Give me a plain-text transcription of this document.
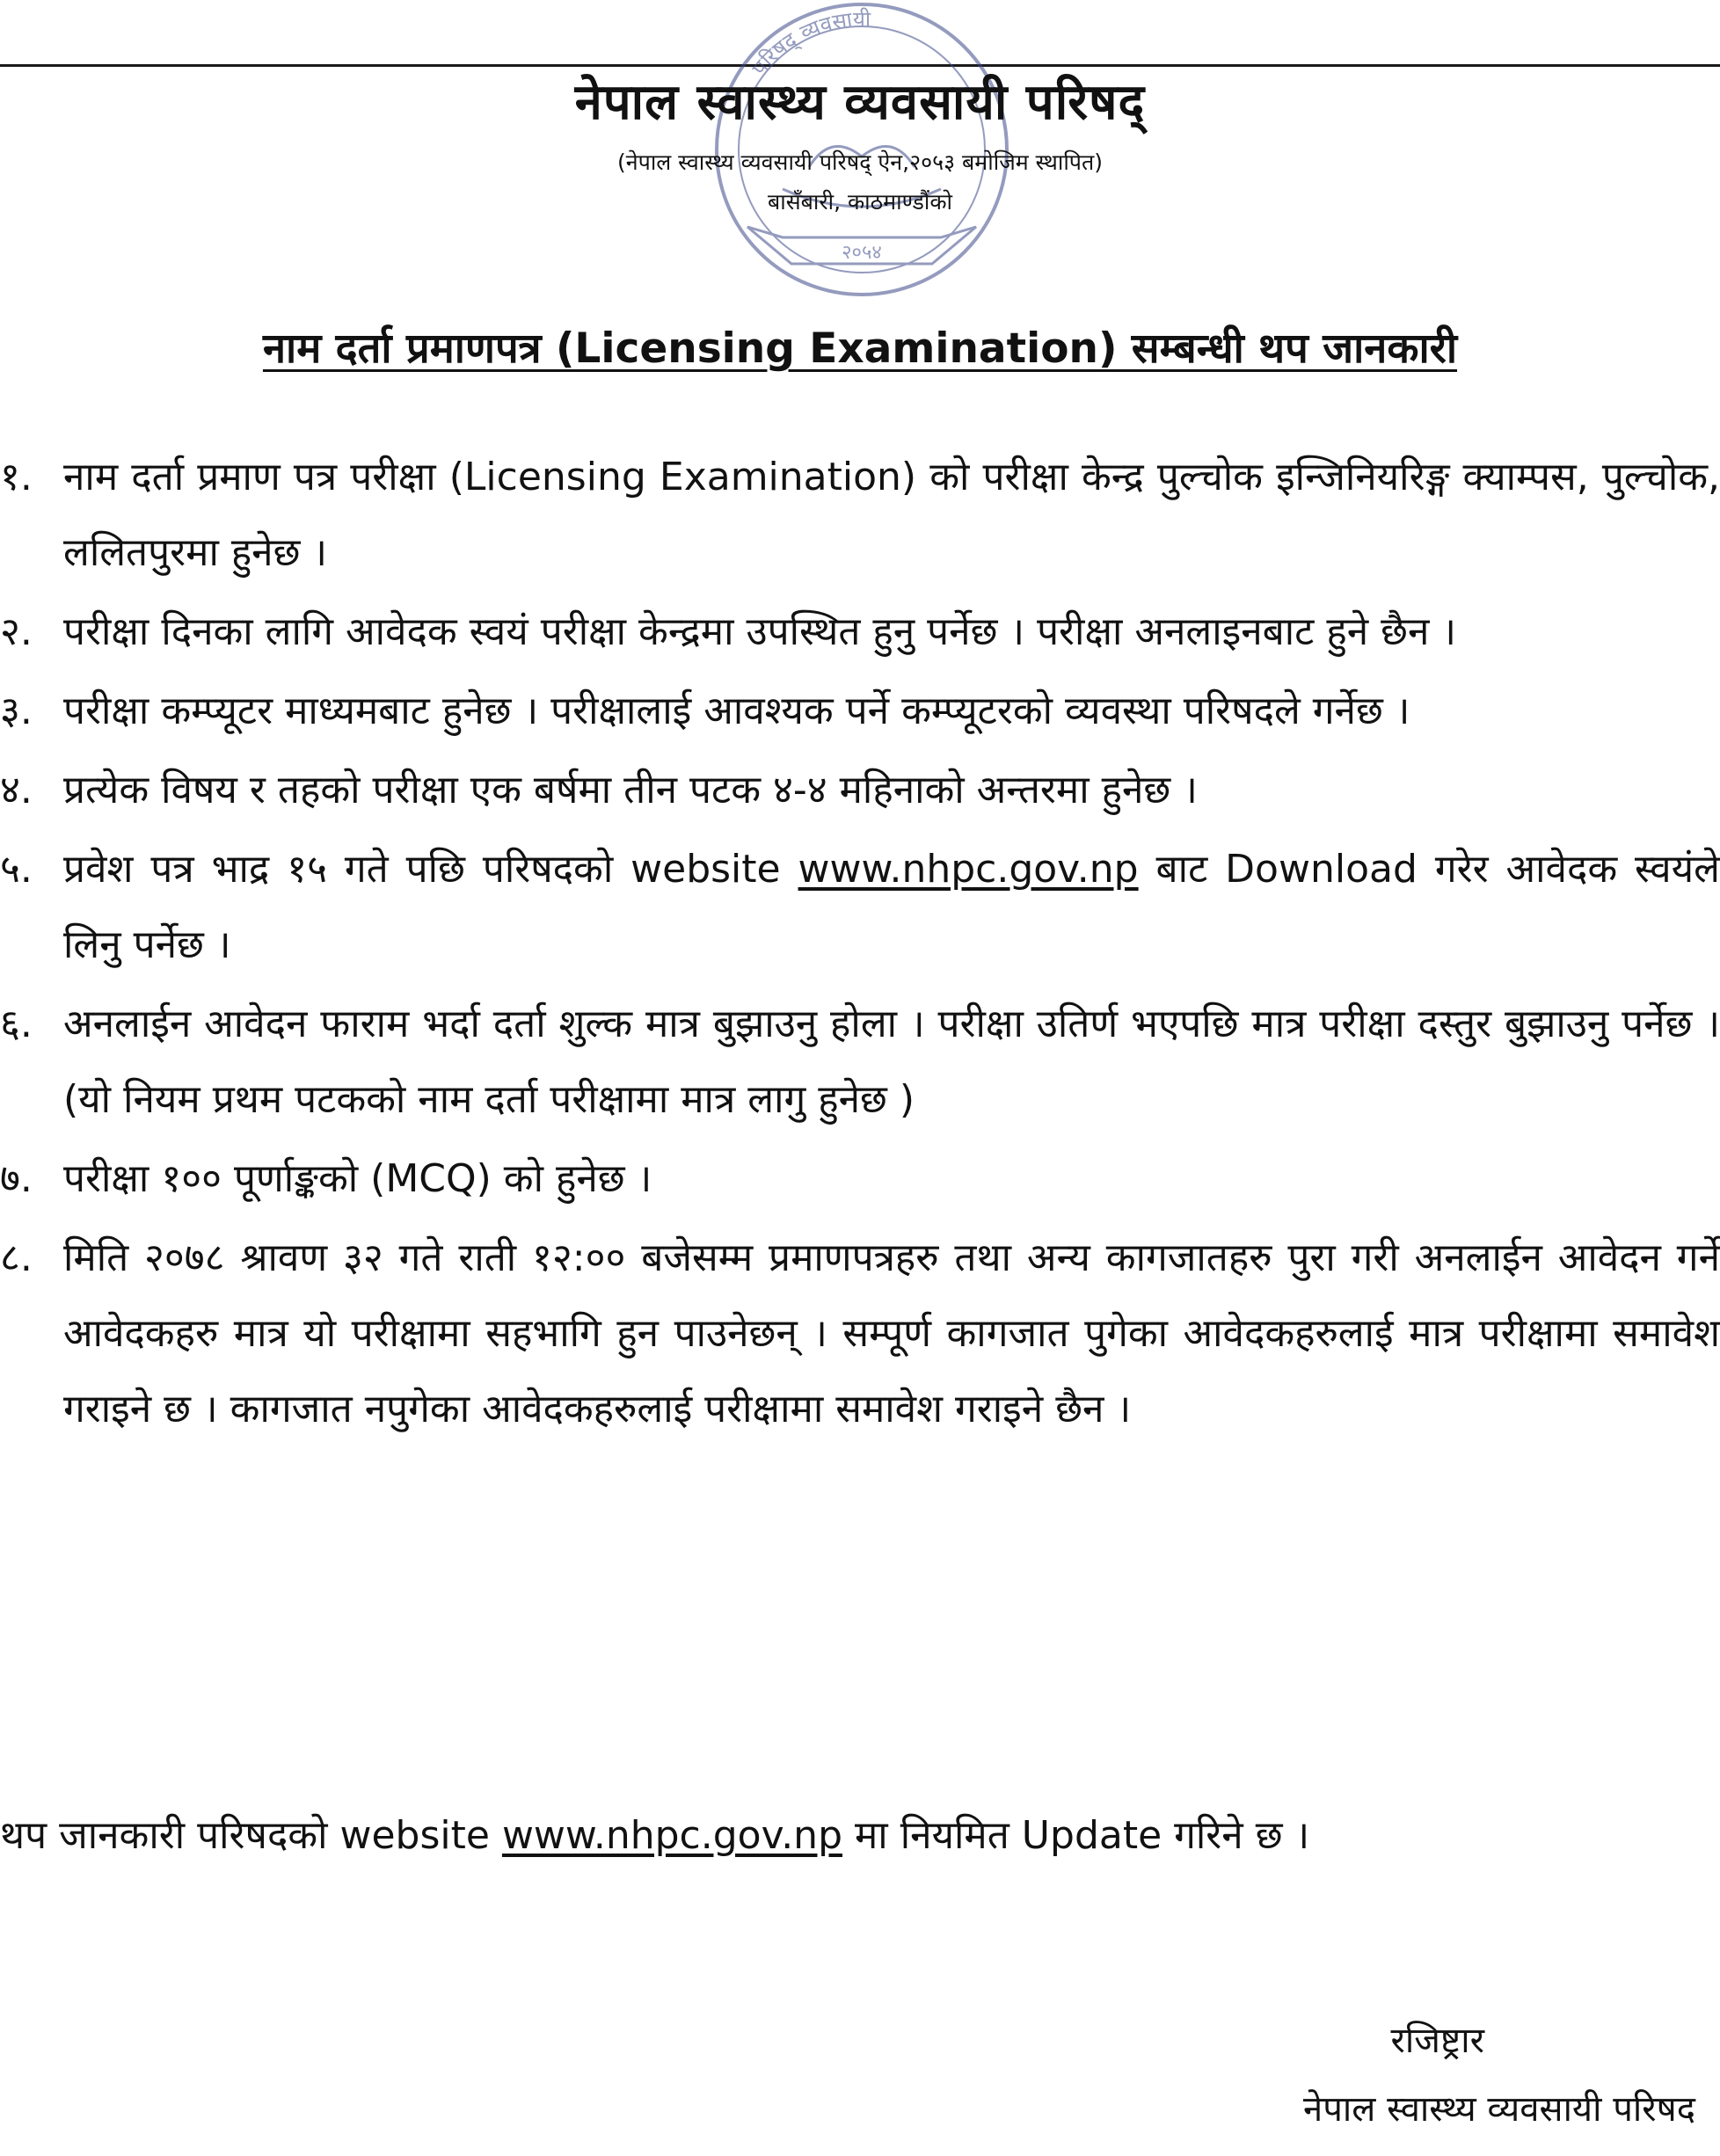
परिषद् व्यवसायी
२०५४
नेपाल स्वास्थ्य व्यवसायी परिषद्
(नेपाल स्वास्थ्य व्यवसायी परिषद् ऐन,२०५३ बमोजिम स्थापित)
बासँबारी, काठमाण्डौंको
नाम दर्ता प्रमाणपत्र (Licensing Examination) सम्बन्धी थप जानकारी
१. नाम दर्ता प्रमाण पत्र परीक्षा (Licensing Examination) को परीक्षा केन्द्र पुल्चोक इन्जिनियरिङ्ग क्याम्पस, पुल्चोक, ललितपुरमा हुनेछ ।
२. परीक्षा दिनका लागि आवेदक स्वयं परीक्षा केन्द्रमा उपस्थित हुनु पर्नेछ । परीक्षा अनलाइनबाट हुने छैन ।
३. परीक्षा कम्प्यूटर माध्यमबाट हुनेछ । परीक्षालाई आवश्यक पर्ने कम्प्यूटरको व्यवस्था परिषदले गर्नेछ ।
४. प्रत्येक विषय र तहको परीक्षा एक बर्षमा तीन पटक ४-४ महिनाको अन्तरमा हुनेछ ।
५. प्रवेश पत्र भाद्र १५ गते पछि परिषदको website www.nhpc.gov.np बाट Download गरेर आवेदक स्वयंले लिनु पर्नेछ ।
६. अनलाईन आवेदन फाराम भर्दा दर्ता शुल्क मात्र बुझाउनु होला । परीक्षा उतिर्ण भएपछि मात्र परीक्षा दस्तुर बुझाउनु पर्नेछ । (यो नियम प्रथम पटकको नाम दर्ता परीक्षामा मात्र लागु हुनेछ )
७. परीक्षा १०० पूर्णाङ्कको (MCQ) को हुनेछ ।
८. मिति २०७८ श्रावण ३२ गते राती १२:०० बजेसम्म प्रमाणपत्रहरु तथा अन्य कागजातहरु पुरा गरी अनलाईन आवेदन गर्ने आवेदकहरु मात्र यो परीक्षामा सहभागि हुन पाउनेछन् । सम्पूर्ण कागजात पुगेका आवेदकहरुलाई मात्र परीक्षामा समावेश गराइने छ । कागजात नपुगेका आवेदकहरुलाई परीक्षामा समावेश गराइने छैन ।
थप जानकारी परिषदको website www.nhpc.gov.np मा नियमित Update गरिने छ ।
रजिष्ट्रार
नेपाल स्वास्थ्य व्यवसायी परिषद
